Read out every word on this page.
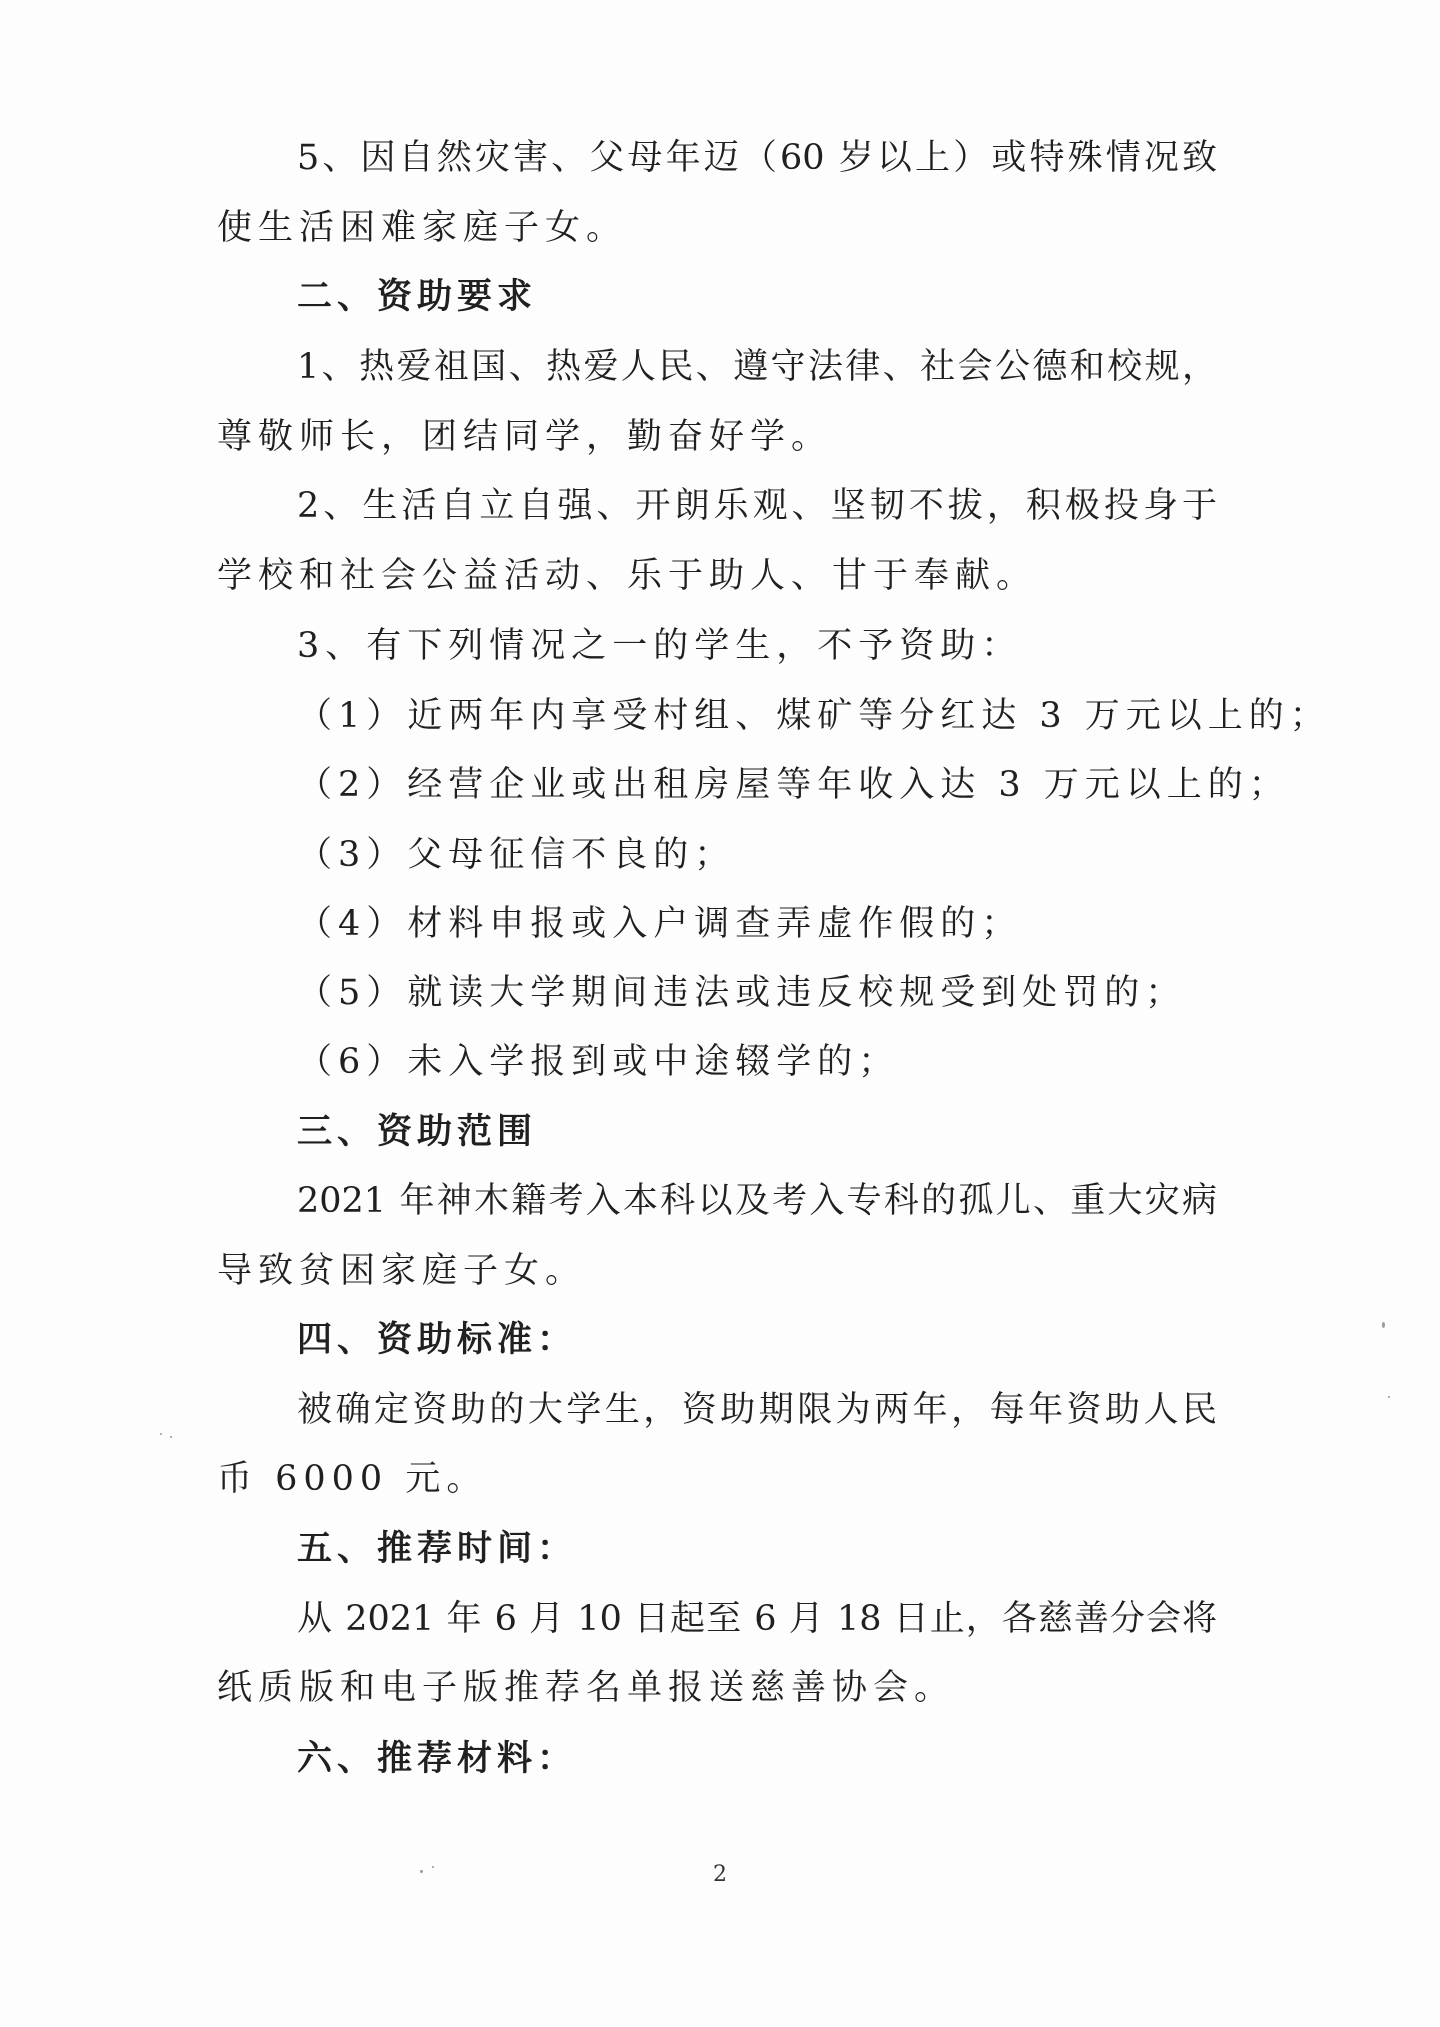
5、因自然灾害、父母年迈（60 岁以上）或特殊情况致
使生活困难家庭子女。
二、资助要求
1、热爱祖国、热爱人民、遵守法律、社会公德和校规，
尊敬师长，团结同学，勤奋好学。
2、生活自立自强、开朗乐观、坚韧不拔，积极投身于
学校和社会公益活动、乐于助人、甘于奉献。
3、有下列情况之一的学生，不予资助：
（1）近两年内享受村组、煤矿等分红达 3 万元以上的；
（2）经营企业或出租房屋等年收入达 3 万元以上的；
（3）父母征信不良的；
（4）材料申报或入户调查弄虚作假的；
（5）就读大学期间违法或违反校规受到处罚的；
（6）未入学报到或中途辍学的；
三、资助范围
2021 年神木籍考入本科以及考入专科的孤儿、重大灾病
导致贫困家庭子女。
四、资助标准：
被确定资助的大学生，资助期限为两年，每年资助人民
币 6000 元。
五、推荐时间：
从 2021 年 6 月 10 日起至 6 月 18 日止，各慈善分会将
纸质版和电子版推荐名单报送慈善协会。
六、推荐材料：
2
